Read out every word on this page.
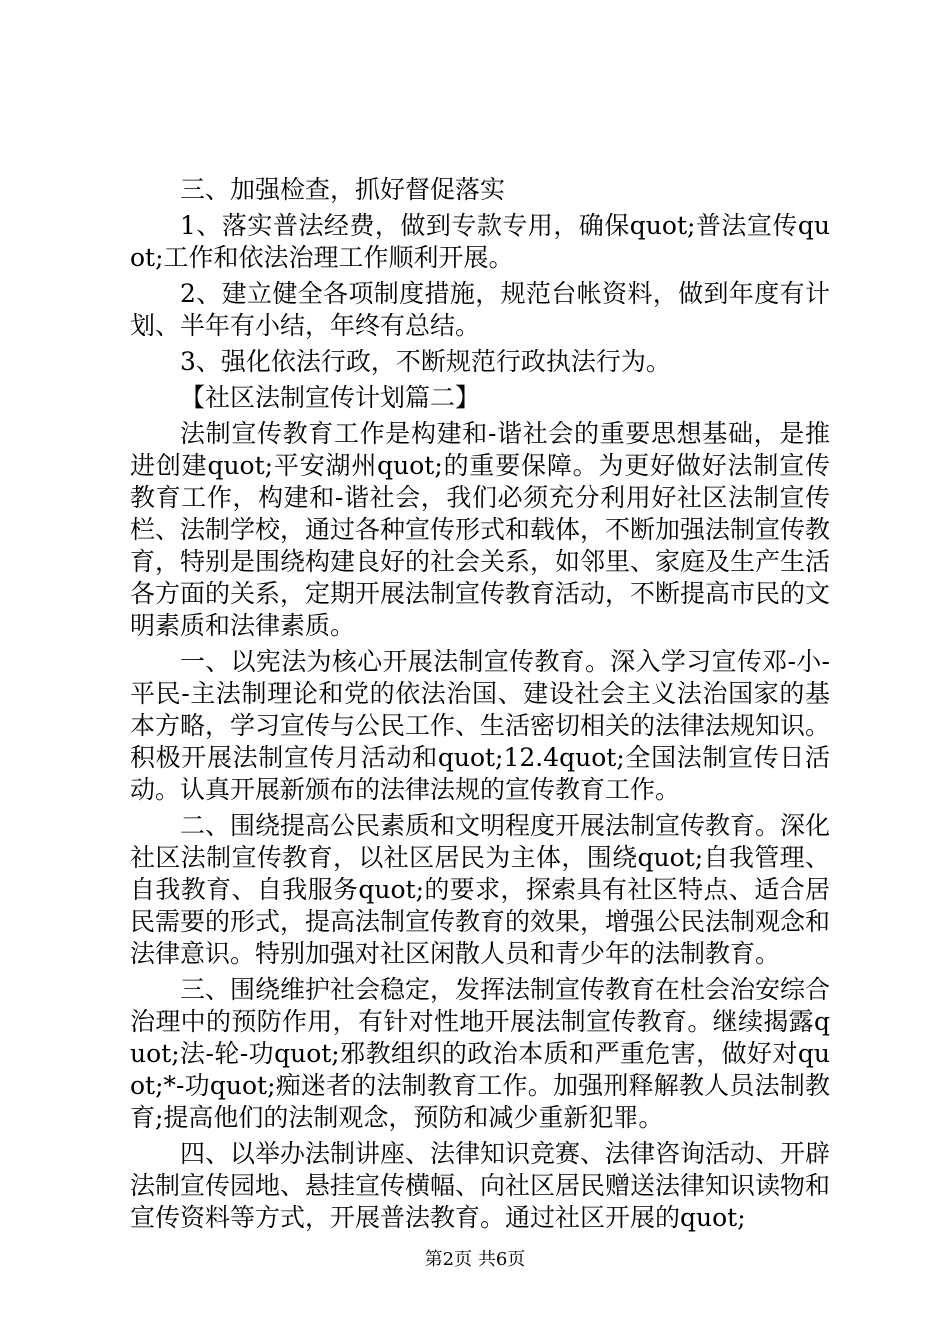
三、加强检查，抓好督促落实

1、落实普法经费，做到专款专用，确保quot;普法宣传quot;工作和依法治理工作顺利开展。

2、建立健全各项制度措施，规范台帐资料，做到年度有计划、半年有小结，年终有总结。

3、强化依法行政，不断规范行政执法行为。

【社区法制宣传计划篇二】

法制宣传教育工作是构建和-谐社会的重要思想基础，是推进创建quot;平安湖州quot;的重要保障。为更好做好法制宣传教育工作，构建和-谐社会，我们必须充分利用好社区法制宣传栏、法制学校，通过各种宣传形式和载体，不断加强法制宣传教育，特别是围绕构建良好的社会关系，如邻里、家庭及生产生活各方面的关系，定期开展法制宣传教育活动，不断提高市民的文明素质和法律素质。

一、以宪法为核心开展法制宣传教育。深入学习宣传邓-小-平民-主法制理论和党的依法治国、建设社会主义法治国家的基本方略，学习宣传与公民工作、生活密切相关的法律法规知识。积极开展法制宣传月活动和quot;12.4quot;全国法制宣传日活动。认真开展新颁布的法律法规的宣传教育工作。

二、围绕提高公民素质和文明程度开展法制宣传教育。深化社区法制宣传教育，以社区居民为主体，围绕quot;自我管理、自我教育、自我服务quot;的要求，探索具有社区特点、适合居民需要的形式，提高法制宣传教育的效果，增强公民法制观念和法律意识。特别加强对社区闲散人员和青少年的法制教育。

三、围绕维护社会稳定，发挥法制宣传教育在杜会治安综合治理中的预防作用，有针对性地开展法制宣传教育。继续揭露quot;法-轮-功quot;邪教组织的政治本质和严重危害，做好对quot;*-功quot;痴迷者的法制教育工作。加强刑释解教人员法制教育;提高他们的法制观念，预防和减少重新犯罪。

四、以举办法制讲座、法律知识竞赛、法律咨询活动、开辟法制宣传园地、悬挂宣传横幅、向社区居民赠送法律知识读物和宣传资料等方式，开展普法教育。通过社区开展的quot;

第2页 共6页
